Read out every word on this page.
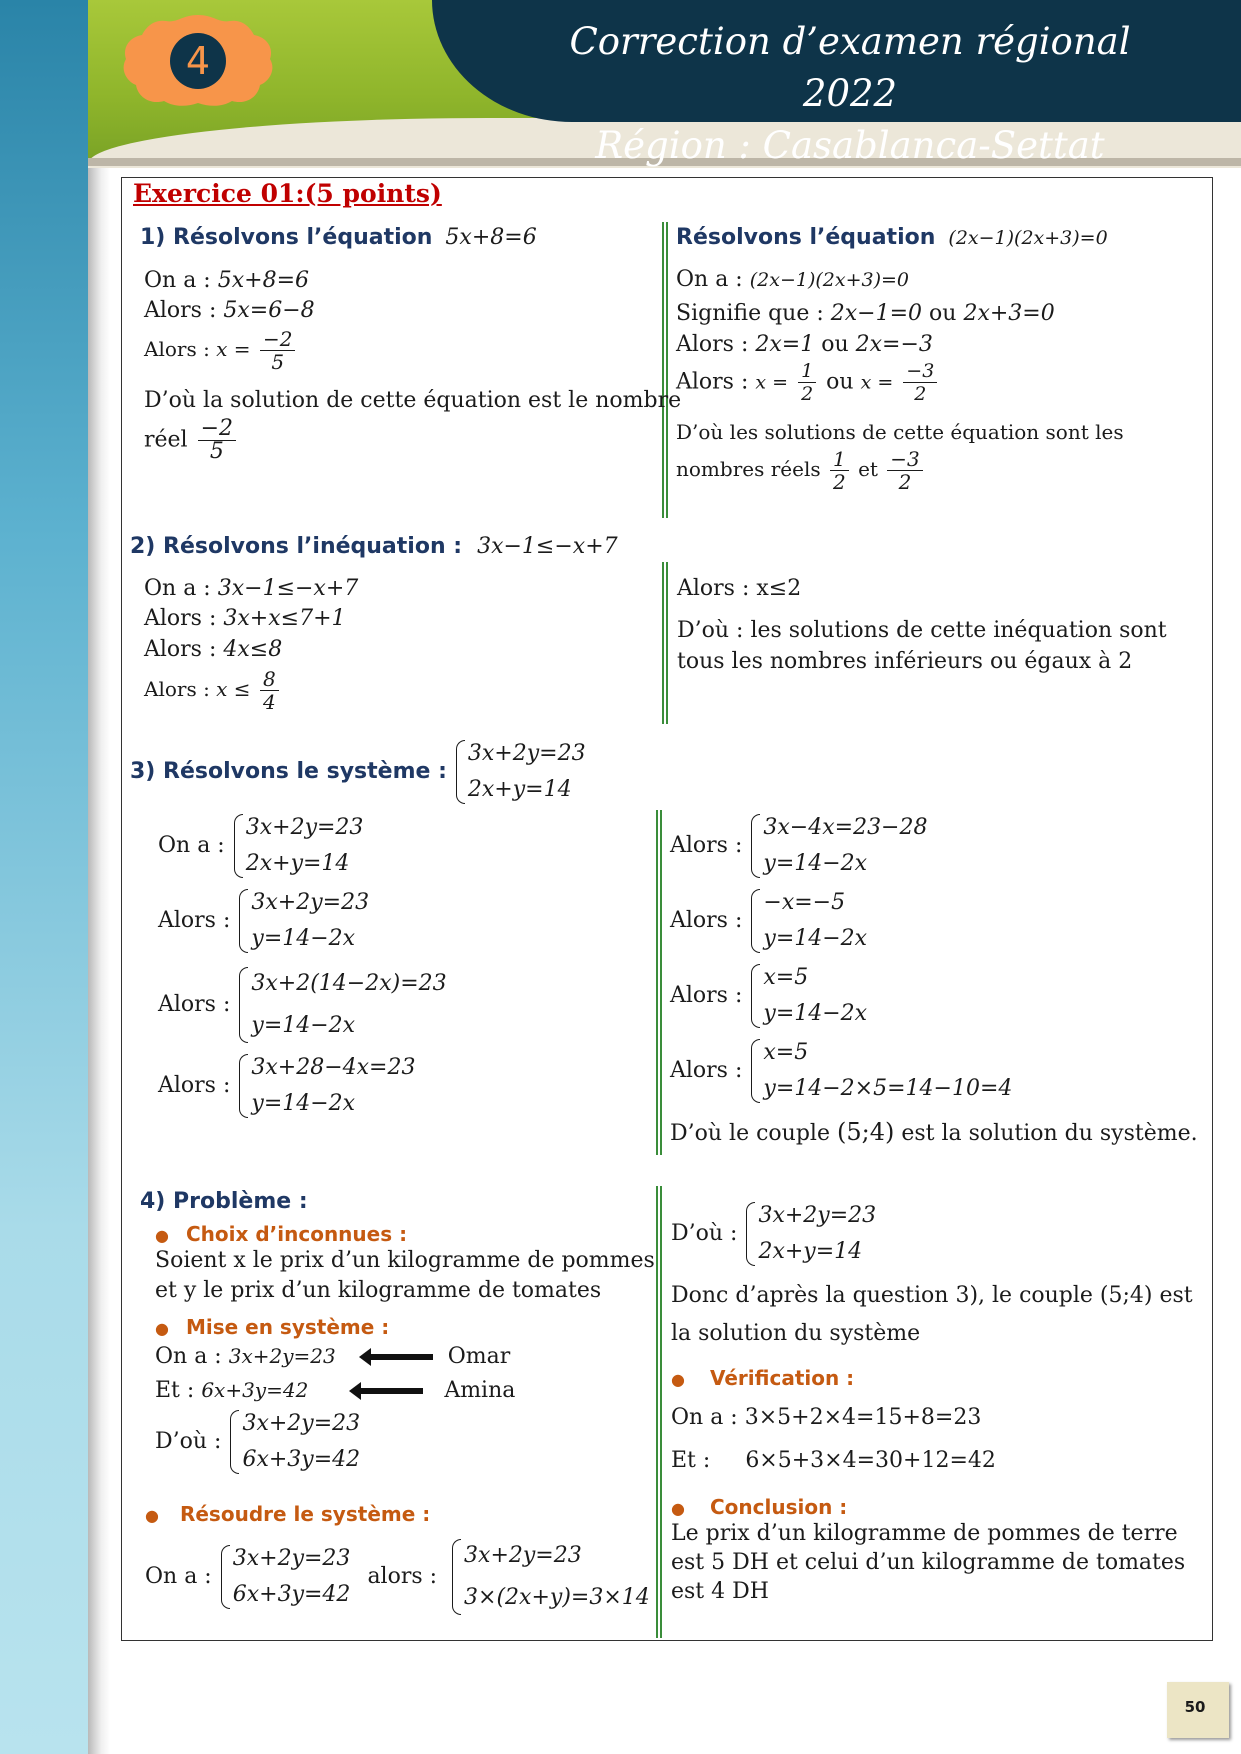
4	Correction d’examen régional 2022
Région : Casablanca-Settat
Exercice 01:(5 points)
1) Résolvons l’équation 5x+8=6
On a : 5x+8=6
Alors : 5x=6−8
Alors : $x = \frac{-2}{5}$
D’où la solution de cette équation est le nombre
réel $\frac{-2}{5}$
Résolvons l’équation (2x−1)(2x+3)=0
On a : (2x−1)(2x+3)=0
Signifie que : 2x−1=0 ou 2x+3=0
Alors : 2x=1 ou 2x=−3
Alors : $x = \frac{1}{2}$ ou $x = \frac{-3}{2}$
D’où les solutions de cette équation sont les
nombres réels $\frac{1}{2}$ et $\frac{-3}{2}$
2) Résolvons l’inéquation : 3x−1≤−x+7
On a : 3x−1≤−x+7
Alors : 3x+x≤7+1
Alors : 4x≤8
Alors : $x \le \frac{8}{4}$
Alors : x≤2
D’où : les solutions de cette inéquation sont
tous les nombres inférieurs ou égaux à 2
3) Résolvons le système :
3x+2y=23
2x+y=14
On a :
3x+2y=23
2x+y=14
Alors :
3x+2y=23
y=14−2x
Alors :
3x+2(14−2x)=23
y=14−2x
Alors :
3x+28−4x=23
y=14−2x
Alors :
3x−4x=23−28
y=14−2x
Alors :
−x=−5
y=14−2x
Alors :
x=5
y=14−2x
Alors :
x=5
y=14−2×5=14−10=4
D’où le couple (5;4) est la solution du système.
4) Problème :
● Choix d’inconnues :
Soient x le prix d’un kilogramme de pommes
et y le prix d’un kilogramme de tomates
● Mise en système :
On a : 3x+2y=23	Omar
Et : 6x+3y=42	Amina
D’où :
3x+2y=23
6x+3y=42
● Résoudre le système :
On a :
3x+2y=23
6x+3y=42
alors :
3x+2y=23
3×(2x+y)=3×14
D’où :
3x+2y=23
2x+y=14
Donc d’après la question 3), le couple (5;4) est
la solution du système
● Vérification :
On a : 3×5+2×4=15+8=23
Et : 6×5+3×4=30+12=42
● Conclusion :
Le prix d’un kilogramme de pommes de terre
est 5 DH et celui d’un kilogramme de tomates
est 4 DH
50
